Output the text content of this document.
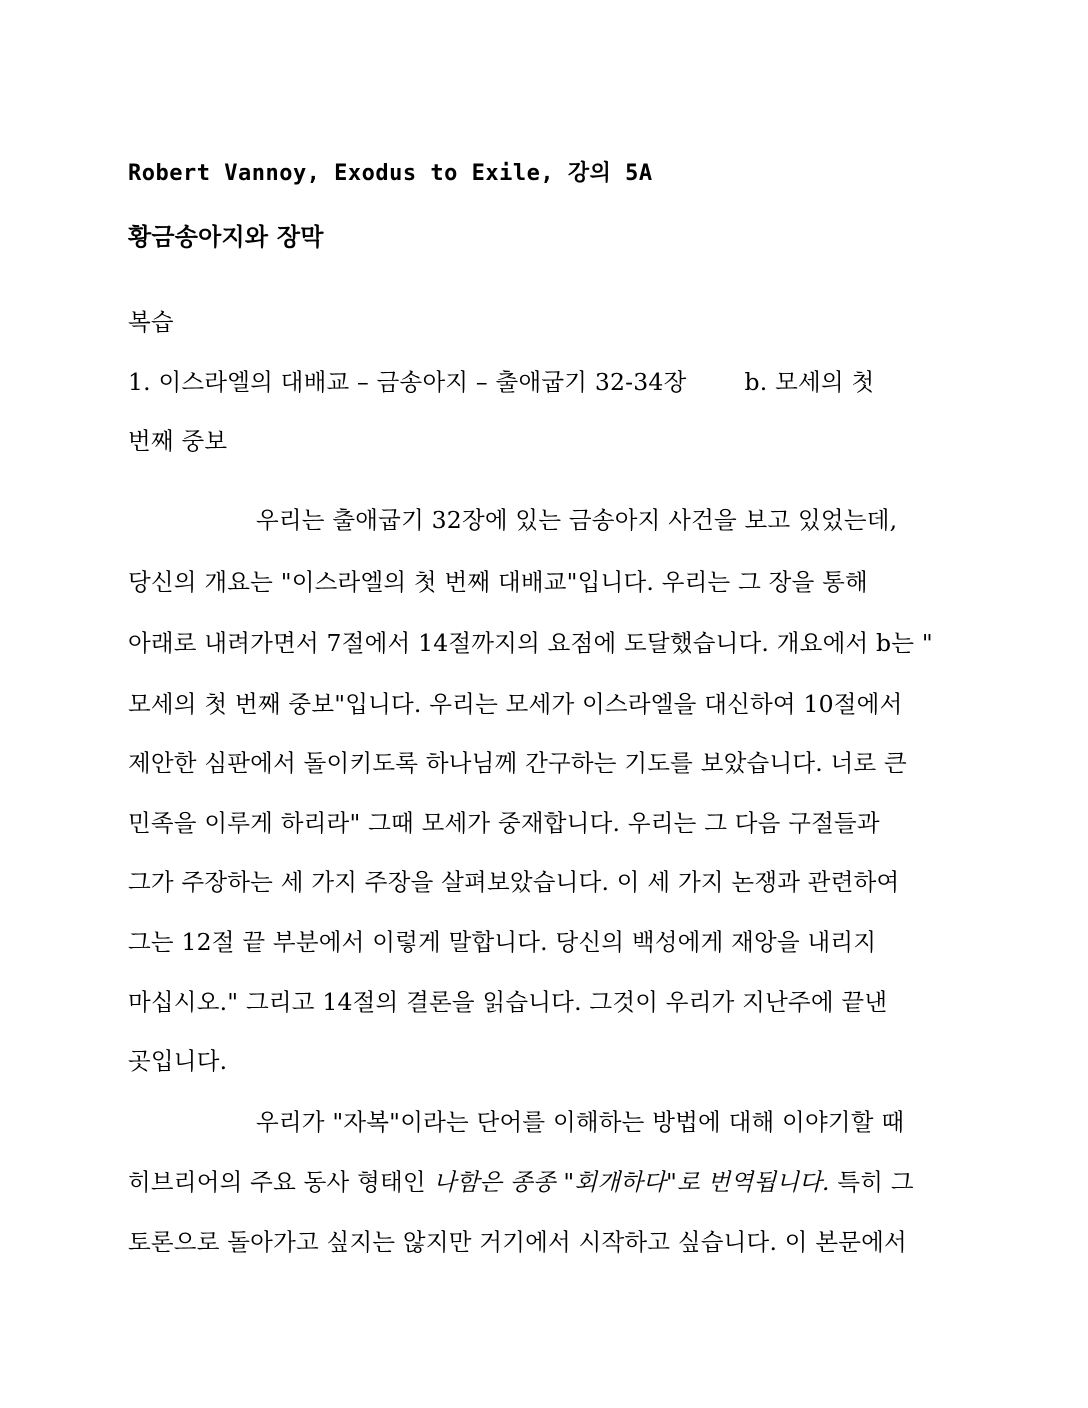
Robert Vannoy, Exodus to Exile, 강의 5A
황금송아지와 장막
복습
1. 이스라엘의 대배교 – 금송아지 – 출애굽기 32-34장 b. 모세의 첫
번째 중보
우리는 출애굽기 32장에 있는 금송아지 사건을 보고 있었는데,
당신의 개요는 "이스라엘의 첫 번째 대배교"입니다. 우리는 그 장을 통해
아래로 내려가면서 7절에서 14절까지의 요점에 도달했습니다. 개요에서 b는 "
모세의 첫 번째 중보"입니다. 우리는 모세가 이스라엘을 대신하여 10절에서
제안한 심판에서 돌이키도록 하나님께 간구하는 기도를 보았습니다. 너로 큰
민족을 이루게 하리라" 그때 모세가 중재합니다. 우리는 그 다음 구절들과
그가 주장하는 세 가지 주장을 살펴보았습니다. 이 세 가지 논쟁과 관련하여
그는 12절 끝 부분에서 이렇게 말합니다. 당신의 백성에게 재앙을 내리지
마십시오." 그리고 14절의 결론을 읽습니다. 그것이 우리가 지난주에 끝낸
곳입니다.
우리가 "자복"이라는 단어를 이해하는 방법에 대해 이야기할 때
히브리어의 주요 동사 형태인 나함은 종종 "회개하다"로 번역됩니다. 특히 그
토론으로 돌아가고 싶지는 않지만 거기에서 시작하고 싶습니다. 이 본문에서
